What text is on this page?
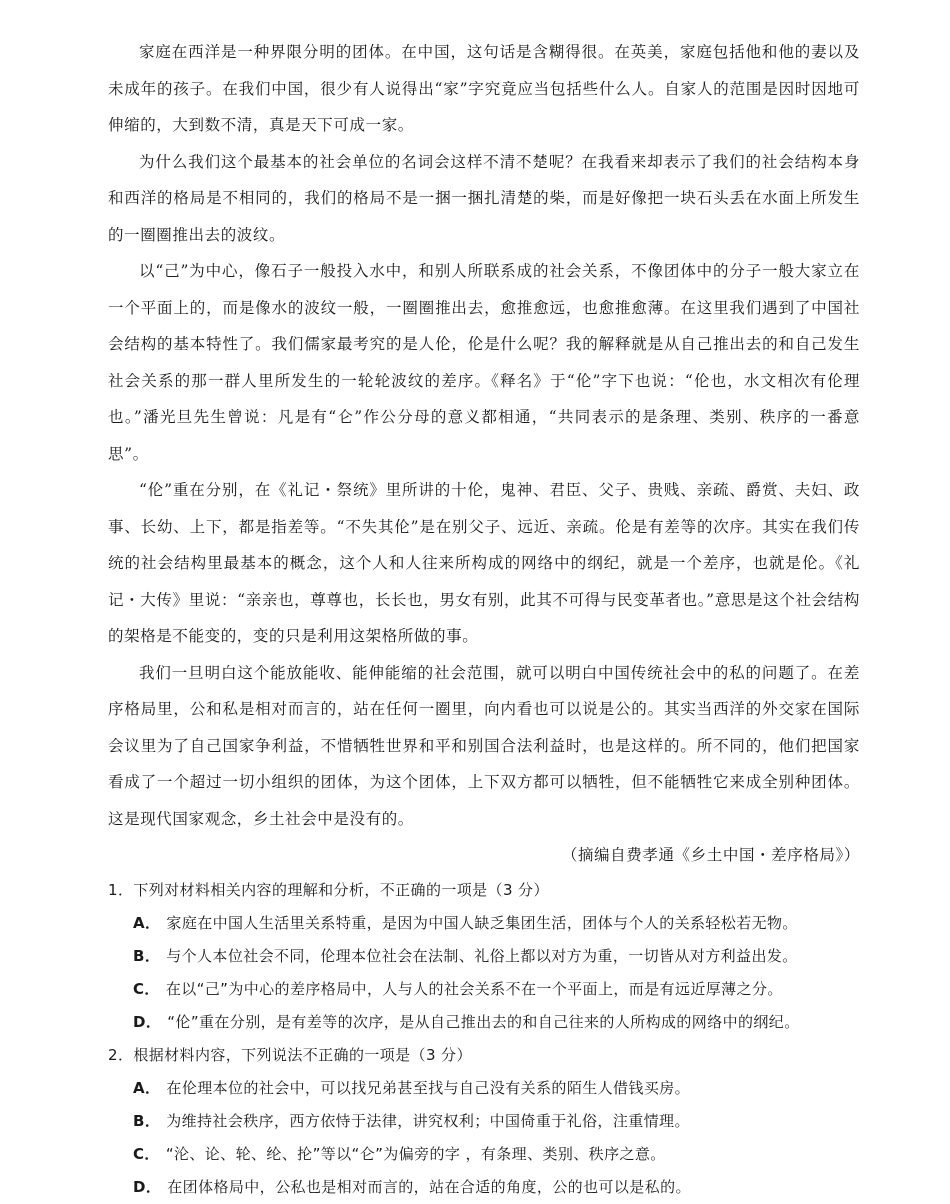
家庭在西洋是一种界限分明的团体。在中国，这句话是含糊得很。在英美，家庭包括他和他的妻以及未成年的孩子。在我们中国，很少有人说得出“家”字究竟应当包括些什么人。自家人的范围是因时因地可伸缩的，大到数不清，真是天下可成一家。

为什么我们这个最基本的社会单位的名词会这样不清不楚呢？在我看来却表示了我们的社会结构本身和西洋的格局是不相同的，我们的格局不是一捆一捆扎清楚的柴，而是好像把一块石头丢在水面上所发生的一圈圈推出去的波纹。

以“己”为中心，像石子一般投入水中，和别人所联系成的社会关系，不像团体中的分子一般大家立在一个平面上的，而是像水的波纹一般，一圈圈推出去，愈推愈远，也愈推愈薄。在这里我们遇到了中国社会结构的基本特性了。我们儒家最考究的是人伦，伦是什么呢？我的解释就是从自己推出去的和自己发生社会关系的那一群人里所发生的一轮轮波纹的差序。《释名》于“伦”字下也说：“伦也，水文相次有伦理也。”潘光旦先生曾说：凡是有“仑”作公分母的意义都相通，“共同表示的是条理、类别、秩序的一番意思”。

“伦”重在分别，在《礼记・祭统》里所讲的十伦，鬼神、君臣、父子、贵贱、亲疏、爵赏、夫妇、政事、长幼、上下，都是指差等。“不失其伦”是在别父子、远近、亲疏。伦是有差等的次序。其实在我们传统的社会结构里最基本的概念，这个人和人往来所构成的网络中的纲纪，就是一个差序，也就是伦。《礼记・大传》里说：“亲亲也，尊尊也，长长也，男女有别，此其不可得与民变革者也。”意思是这个社会结构的架格是不能变的，变的只是利用这架格所做的事。

我们一旦明白这个能放能收、能伸能缩的社会范围，就可以明白中国传统社会中的私的问题了。在差序格局里，公和私是相对而言的，站在任何一圈里，向内看也可以说是公的。其实当西洋的外交家在国际会议里为了自己国家争利益，不惜牺牲世界和平和别国合法利益时，也是这样的。所不同的，他们把国家看成了一个超过一切小组织的团体，为这个团体，上下双方都可以牺牲，但不能牺牲它来成全别种团体。这是现代国家观念，乡土社会中是没有的。

（摘编自费孝通《乡土中国・差序格局》）

1．下列对材料相关内容的理解和分析，不正确的一项是（3 分）

A． 家庭在中国人生活里关系特重，是因为中国人缺乏集团生活，团体与个人的关系轻松若无物。

B． 与个人本位社会不同，伦理本位社会在法制、礼俗上都以对方为重，一切皆从对方利益出发。

C． 在以“己”为中心的差序格局中，人与人的社会关系不在一个平面上，而是有远近厚薄之分。

D． “伦”重在分别，是有差等的次序，是从自己推出去的和自己往来的人所构成的网络中的纲纪。

2．根据材料内容，下列说法不正确的一项是（3 分）

A． 在伦理本位的社会中，可以找兄弟甚至找与自己没有关系的陌生人借钱买房。

B． 为维持社会秩序，西方依恃于法律，讲究权利；中国倚重于礼俗，注重情理。

C． “沦、论、轮、纶、抡”等以“仑”为偏旁的字 ，有条理、类别、秩序之意。

D． 在团体格局中，公私也是相对而言的，站在合适的角度，公的也可以是私的。
